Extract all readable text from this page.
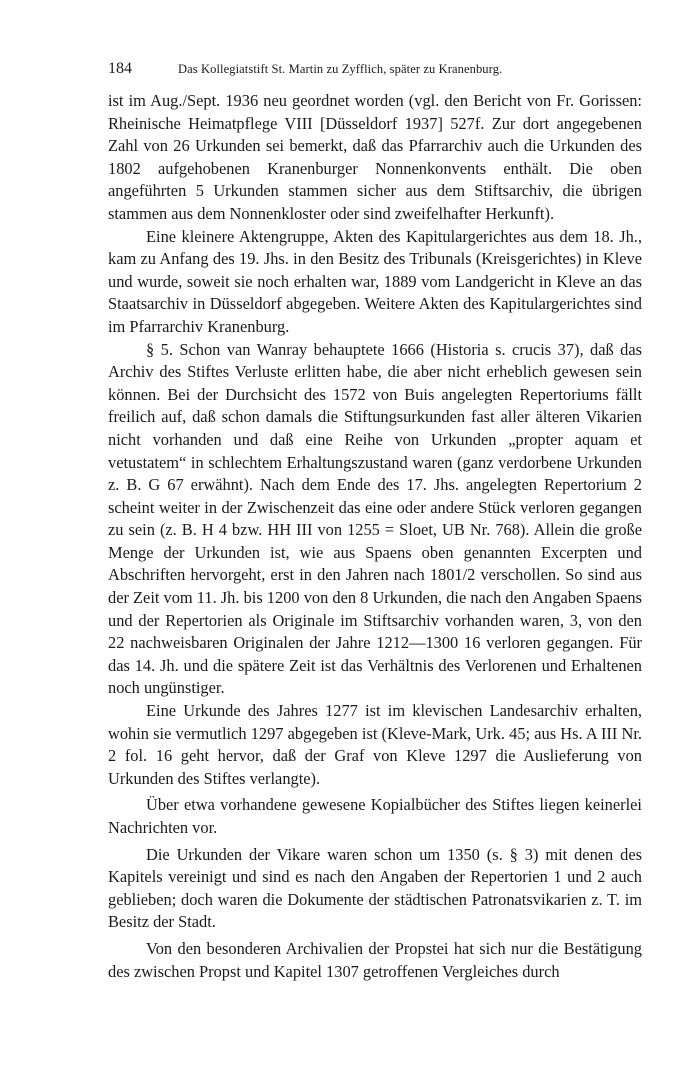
184	Das Kollegiatstift St. Martin zu Zyfflich, später zu Kranenburg.

ist im Aug./Sept. 1936 neu geordnet worden (vgl. den Bericht von Fr. Gorissen: Rheinische Heimatpflege VIII [Düsseldorf 1937] 527f. Zur dort angegebenen Zahl von 26 Urkunden sei bemerkt, daß das Pfarrarchiv auch die Urkunden des 1802 aufgehobenen Kranenburger Nonnenkonvents enthält. Die oben angeführten 5 Urkunden stammen sicher aus dem Stiftsarchiv, die übrigen stammen aus dem Nonnenkloster oder sind zweifelhafter Herkunft).

Eine kleinere Aktengruppe, Akten des Kapitulargerichtes aus dem 18. Jh., kam zu Anfang des 19. Jhs. in den Besitz des Tribunals (Kreisgerichtes) in Kleve und wurde, soweit sie noch erhalten war, 1889 vom Landgericht in Kleve an das Staatsarchiv in Düsseldorf abgegeben. Weitere Akten des Kapitulargerichtes sind im Pfarrarchiv Kranenburg.

§ 5. Schon van Wanray behauptete 1666 (Historia s. crucis 37), daß das Archiv des Stiftes Verluste erlitten habe, die aber nicht erheblich gewesen sein können. Bei der Durchsicht des 1572 von Buis angelegten Repertoriums fällt freilich auf, daß schon damals die Stiftungsurkunden fast aller älteren Vikarien nicht vorhanden und daß eine Reihe von Urkunden „propter aquam et vetustatem“ in schlechtem Erhaltungszustand waren (ganz verdorbene Urkunden z. B. G 67 erwähnt). Nach dem Ende des 17. Jhs. angelegten Repertorium 2 scheint weiter in der Zwischenzeit das eine oder andere Stück verloren gegangen zu sein (z. B. H 4 bzw. HH III von 1255 = Sloet, UB Nr. 768). Allein die große Menge der Urkunden ist, wie aus Spaens oben genannten Excerpten und Abschriften hervorgeht, erst in den Jahren nach 1801/2 verschollen. So sind aus der Zeit vom 11. Jh. bis 1200 von den 8 Urkunden, die nach den Angaben Spaens und der Repertorien als Originale im Stiftsarchiv vorhanden waren, 3, von den 22 nachweisbaren Originalen der Jahre 1212—1300 16 verloren gegangen. Für das 14. Jh. und die spätere Zeit ist das Verhältnis des Verlorenen und Erhaltenen noch ungünstiger.

Eine Urkunde des Jahres 1277 ist im klevischen Landesarchiv erhalten, wohin sie vermutlich 1297 abgegeben ist (Kleve-Mark, Urk. 45; aus Hs. A III Nr. 2 fol. 16 geht hervor, daß der Graf von Kleve 1297 die Auslieferung von Urkunden des Stiftes verlangte).

Über etwa vorhandene gewesene Kopialbücher des Stiftes liegen keinerlei Nachrichten vor.

Die Urkunden der Vikare waren schon um 1350 (s. § 3) mit denen des Kapitels vereinigt und sind es nach den Angaben der Repertorien 1 und 2 auch geblieben; doch waren die Dokumente der städtischen Patronatsvikarien z. T. im Besitz der Stadt.

Von den besonderen Archivalien der Propstei hat sich nur die Bestätigung des zwischen Propst und Kapitel 1307 getroffenen Vergleiches durch
